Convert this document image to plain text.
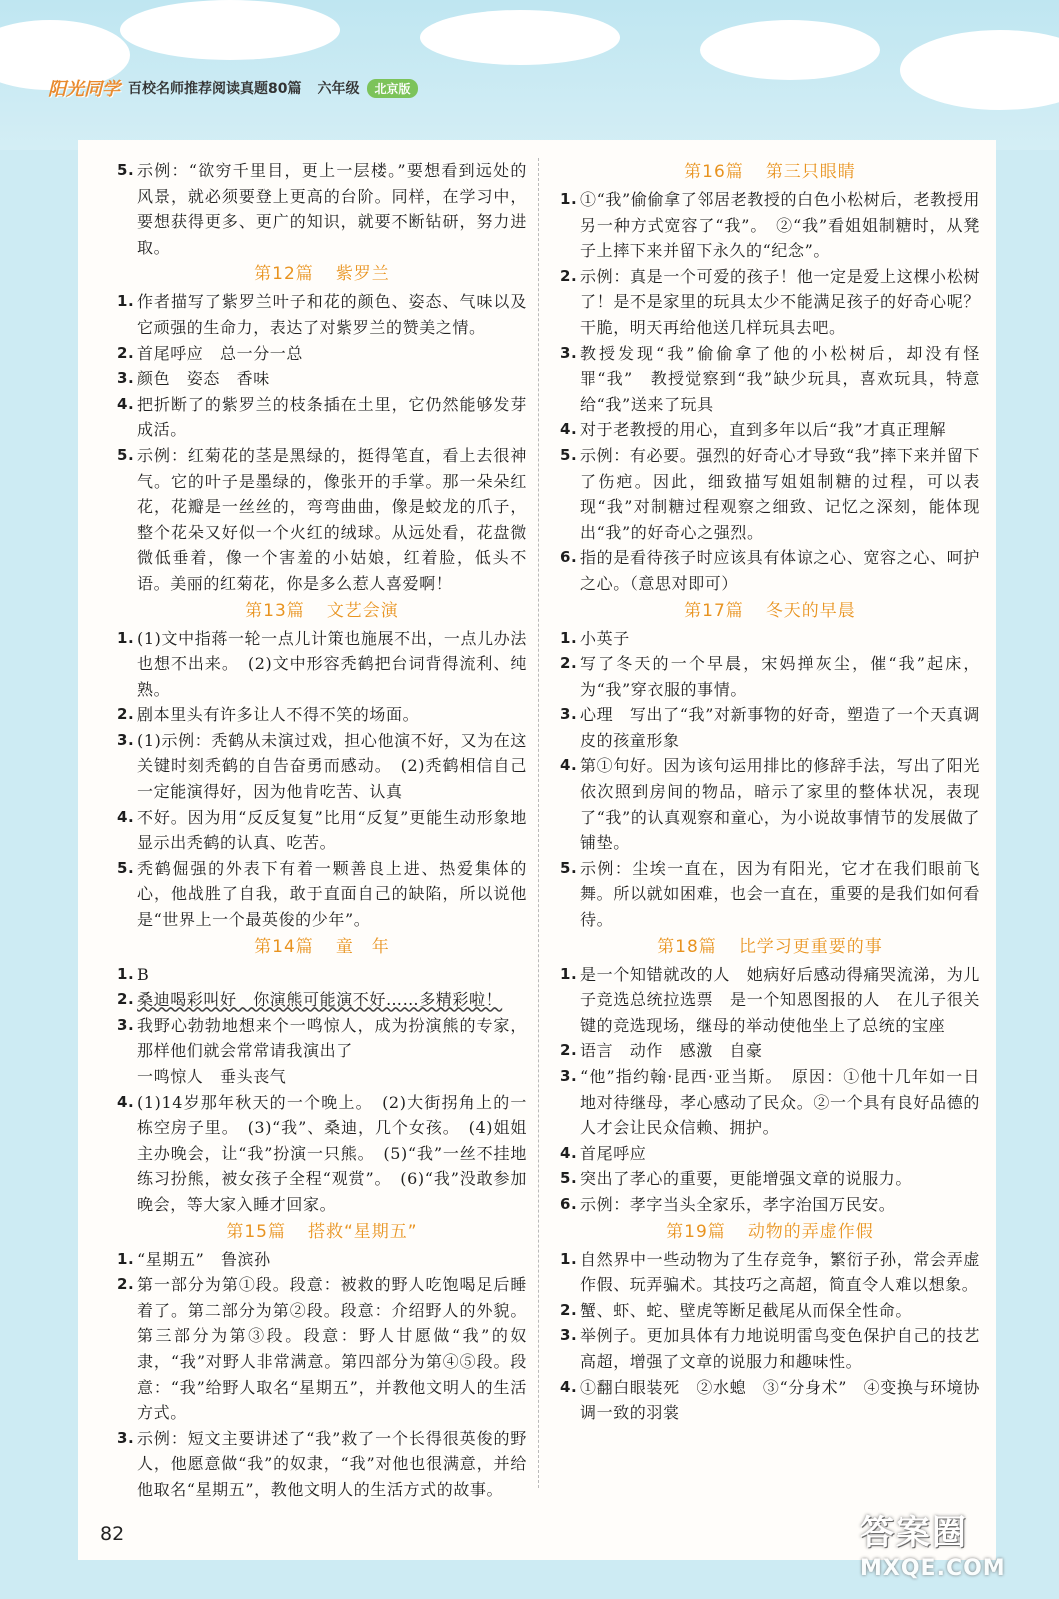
阳光同学 百校名师推荐阅读真题80篇 六年级	北京版
5. 示例：“欲穷千里目，更上一层楼。”要想看到远处的风景，就必须要登上更高的台阶。同样，在学习中，要想获得更多、更广的知识，就要不断钻研，努力进取。
第12篇 紫罗兰
1. 作者描写了紫罗兰叶子和花的颜色、姿态、气味以及它顽强的生命力，表达了对紫罗兰的赞美之情。
2. 首尾呼应　总一分一总
3. 颜色　姿态　香味
4. 把折断了的紫罗兰的枝条插在土里，它仍然能够发芽成活。
5. 示例：红菊花的茎是黑绿的，挺得笔直，看上去很神气。它的叶子是墨绿的，像张开的手掌。那一朵朵红花，花瓣是一丝丝的，弯弯曲曲，像是蛟龙的爪子，整个花朵又好似一个火红的绒球。从远处看，花盘微微低垂着，像一个害羞的小姑娘，红着脸，低头不语。美丽的红菊花，你是多么惹人喜爱啊！
第13篇 文艺会演
1. (1)文中指蒋一轮一点儿计策也施展不出，一点儿办法也想不出来。　(2)文中形容秃鹤把台词背得流利、纯熟。
2. 剧本里头有许多让人不得不笑的场面。
3. (1)示例：秃鹤从未演过戏，担心他演不好，又为在这关键时刻秃鹤的自告奋勇而感动。　(2)秃鹤相信自己一定能演得好，因为他肯吃苦、认真
4. 不好。因为用“反反复复”比用“反复”更能生动形象地显示出秃鹤的认真、吃苦。
5. 秃鹤倔强的外表下有着一颗善良上进、热爱集体的心，他战胜了自我，敢于直面自己的缺陷，所以说他是“世界上一个最英俊的少年”。
第14篇 童　年
1. B
2. 桑迪喝彩叫好　你演熊可能演不好……多精彩啦！
3. 我野心勃勃地想来个一鸣惊人，成为扮演熊的专家，那样他们就会常常请我演出了
一鸣惊人　垂头丧气
4. (1)14岁那年秋天的一个晚上。　(2)大街拐角上的一栋空房子里。　(3)“我”、桑迪，几个女孩。　(4)姐姐主办晚会，让“我”扮演一只熊。　(5)“我”一丝不挂地练习扮熊，被女孩子全程“观赏”。　(6)“我”没敢参加晚会，等大家入睡才回家。
第15篇 搭救“星期五”
1. “星期五”　鲁滨孙
2. 第一部分为第①段。段意：被救的野人吃饱喝足后睡着了。第二部分为第②段。段意：介绍野人的外貌。第三部分为第③段。段意：野人甘愿做“我”的奴隶，“我”对野人非常满意。第四部分为第④⑤段。段意：“我”给野人取名“星期五”，并教他文明人的生活方式。
3. 示例：短文主要讲述了“我”救了一个长得很英俊的野人，他愿意做“我”的奴隶，“我”对他也很满意，并给他取名“星期五”，教他文明人的生活方式的故事。
第16篇 第三只眼睛
1. ①“我”偷偷拿了邻居老教授的白色小松树后，老教授用另一种方式宽容了“我”。　②“我”看姐姐制糖时，从凳子上摔下来并留下永久的“纪念”。
2. 示例：真是一个可爱的孩子！他一定是爱上这棵小松树了！是不是家里的玩具太少不能满足孩子的好奇心呢？干脆，明天再给他送几样玩具去吧。
3. 教授发现“我”偷偷拿了他的小松树后，却没有怪罪“我”　教授觉察到“我”缺少玩具，喜欢玩具，特意给“我”送来了玩具
4. 对于老教授的用心，直到多年以后“我”才真正理解
5. 示例：有必要。强烈的好奇心才导致“我”摔下来并留下了伤疤。因此，细致描写姐姐制糖的过程，可以表现“我”对制糖过程观察之细致、记忆之深刻，能体现出“我”的好奇心之强烈。
6. 指的是看待孩子时应该具有体谅之心、宽容之心、呵护之心。（意思对即可）
第17篇 冬天的早晨
1. 小英子
2. 写了冬天的一个早晨，宋妈掸灰尘，催“我”起床，为“我”穿衣服的事情。
3. 心理　写出了“我”对新事物的好奇，塑造了一个天真调皮的孩童形象
4. 第①句好。因为该句运用排比的修辞手法，写出了阳光依次照到房间的物品，暗示了家里的整体状况，表现了“我”的认真观察和童心，为小说故事情节的发展做了铺垫。
5. 示例：尘埃一直在，因为有阳光，它才在我们眼前飞舞。所以就如困难，也会一直在，重要的是我们如何看待。
第18篇 比学习更重要的事
1. 是一个知错就改的人　她病好后感动得痛哭流涕，为儿子竞选总统拉选票　是一个知恩图报的人　在儿子很关键的竞选现场，继母的举动使他坐上了总统的宝座
2. 语言　动作　感激　自豪
3. “他”指约翰·昆西·亚当斯。　原因：①他十几年如一日地对待继母，孝心感动了民众。②一个具有良好品德的人才会让民众信赖、拥护。
4. 首尾呼应
5. 突出了孝心的重要，更能增强文章的说服力。
6. 示例：孝字当头全家乐，孝字治国万民安。
第19篇 动物的弄虚作假
1. 自然界中一些动物为了生存竞争，繁衍子孙，常会弄虚作假、玩弄骗术。其技巧之高超，简直令人难以想象。
2. 蟹、虾、蛇、壁虎等断足截尾从而保全性命。
3. 举例子。更加具体有力地说明雷鸟变色保护自己的技艺高超，增强了文章的说服力和趣味性。
4. ①翻白眼装死　②水螅　③“分身术”　④变换与环境协调一致的羽裳
82	答案圈
MXQE.COM
